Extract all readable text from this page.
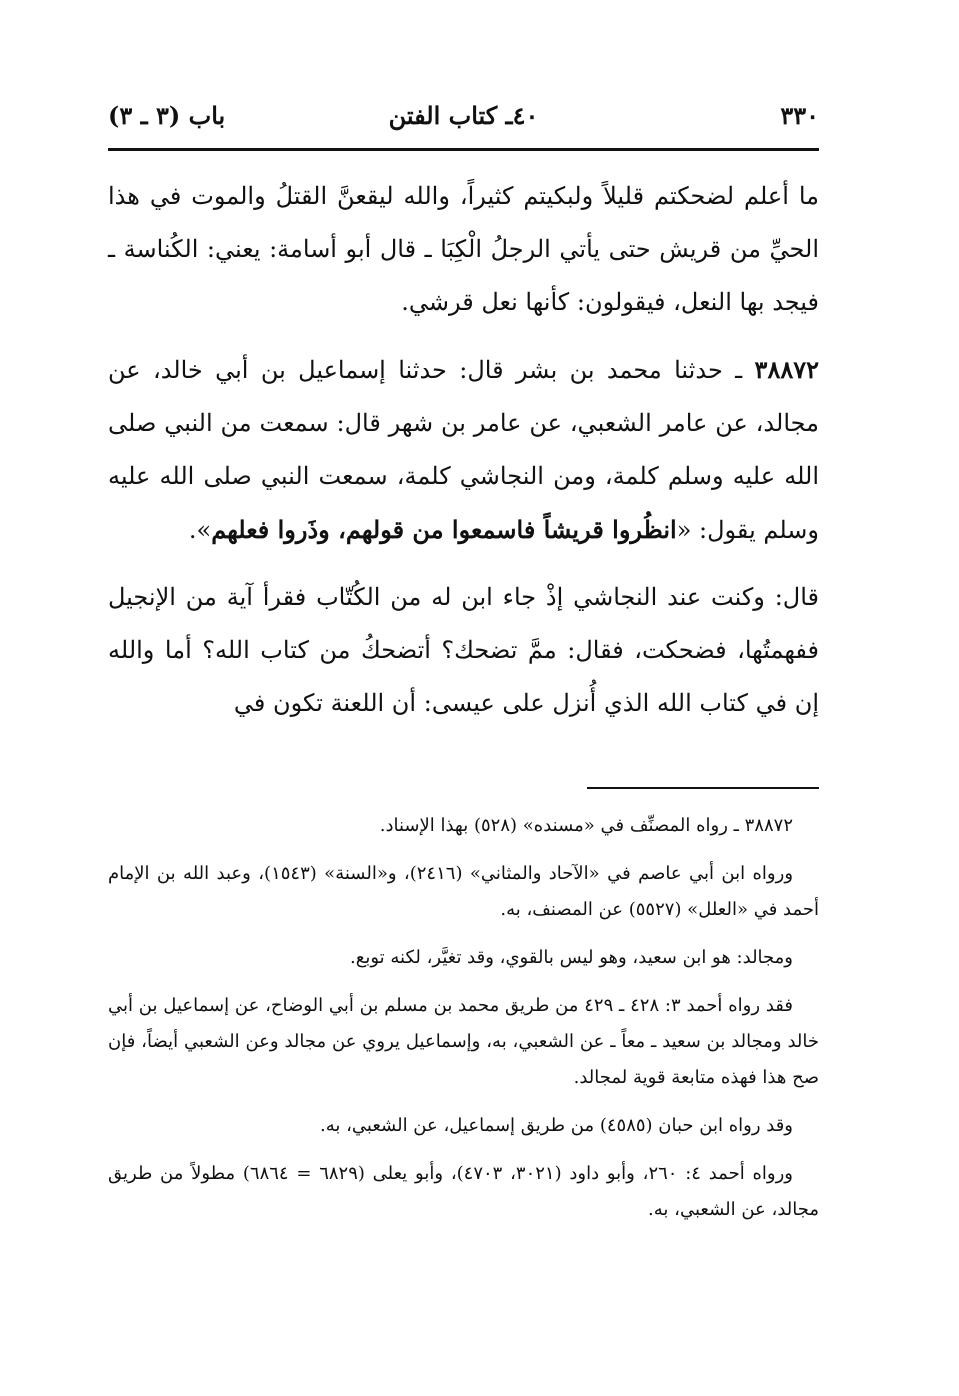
٣٣٠
٤٠ـ كتاب الفتن
باب (٣ ـ ٣)

ما أعلم لضحكتم قليلاً ولبكيتم كثيراً، والله ليقعنَّ القتلُ والموت في هذا الحيِّ من قريش حتى يأتي الرجلُ الْكِبَا ـ قال أبو أسامة: يعني: الكُناسة ـ فيجد بها النعل، فيقولون: كأنها نعل قرشي.

٣٨٨٧٢ ـ حدثنا محمد بن بشر قال: حدثنا إسماعيل بن أبي خالد، عن مجالد، عن عامر الشعبي، عن عامر بن شهر قال: سمعت من النبي صلى الله عليه وسلم كلمة، ومن النجاشي كلمة، سمعت النبي صلى الله عليه وسلم يقول: «انظُروا قريشاً فاسمعوا من قولهم، وذَروا فعلهم».

قال: وكنت عند النجاشي إذْ جاء ابن له من الكُتّاب فقرأ آية من الإنجيل ففهمتُها، فضحكت، فقال: ممَّ تضحك؟ أتضحكُ من كتاب الله؟ أما والله إن في كتاب الله الذي أُنزل على عيسى: أن اللعنة تكون في

٣٨٨٧٢ ـ رواه المصنِّف في «مسنده» (٥٢٨) بهذا الإسناد.

ورواه ابن أبي عاصم في «الآحاد والمثاني» (٢٤١٦)، و«السنة» (١٥٤٣)، وعبد الله بن الإمام أحمد في «العلل» (٥٥٢٧) عن المصنف، به.

ومجالد: هو ابن سعيد، وهو ليس بالقوي، وقد تغيَّر، لكنه توبع.

فقد رواه أحمد ٣: ٤٢٨ ـ ٤٢٩ من طريق محمد بن مسلم بن أبي الوضاح، عن إسماعيل بن أبي خالد ومجالد بن سعيد ـ معاً ـ عن الشعبي، به، وإسماعيل يروي عن مجالد وعن الشعبي أيضاً، فإن صح هذا فهذه متابعة قوية لمجالد.

وقد رواه ابن حبان (٤٥٨٥) من طريق إسماعيل، عن الشعبي، به.

ورواه أحمد ٤: ٢٦٠، وأبو داود (٣٠٢١، ٤٧٠٣)، وأبو يعلى (٦٨٢٩ = ٦٨٦٤) مطولاً من طريق مجالد، عن الشعبي، به.
